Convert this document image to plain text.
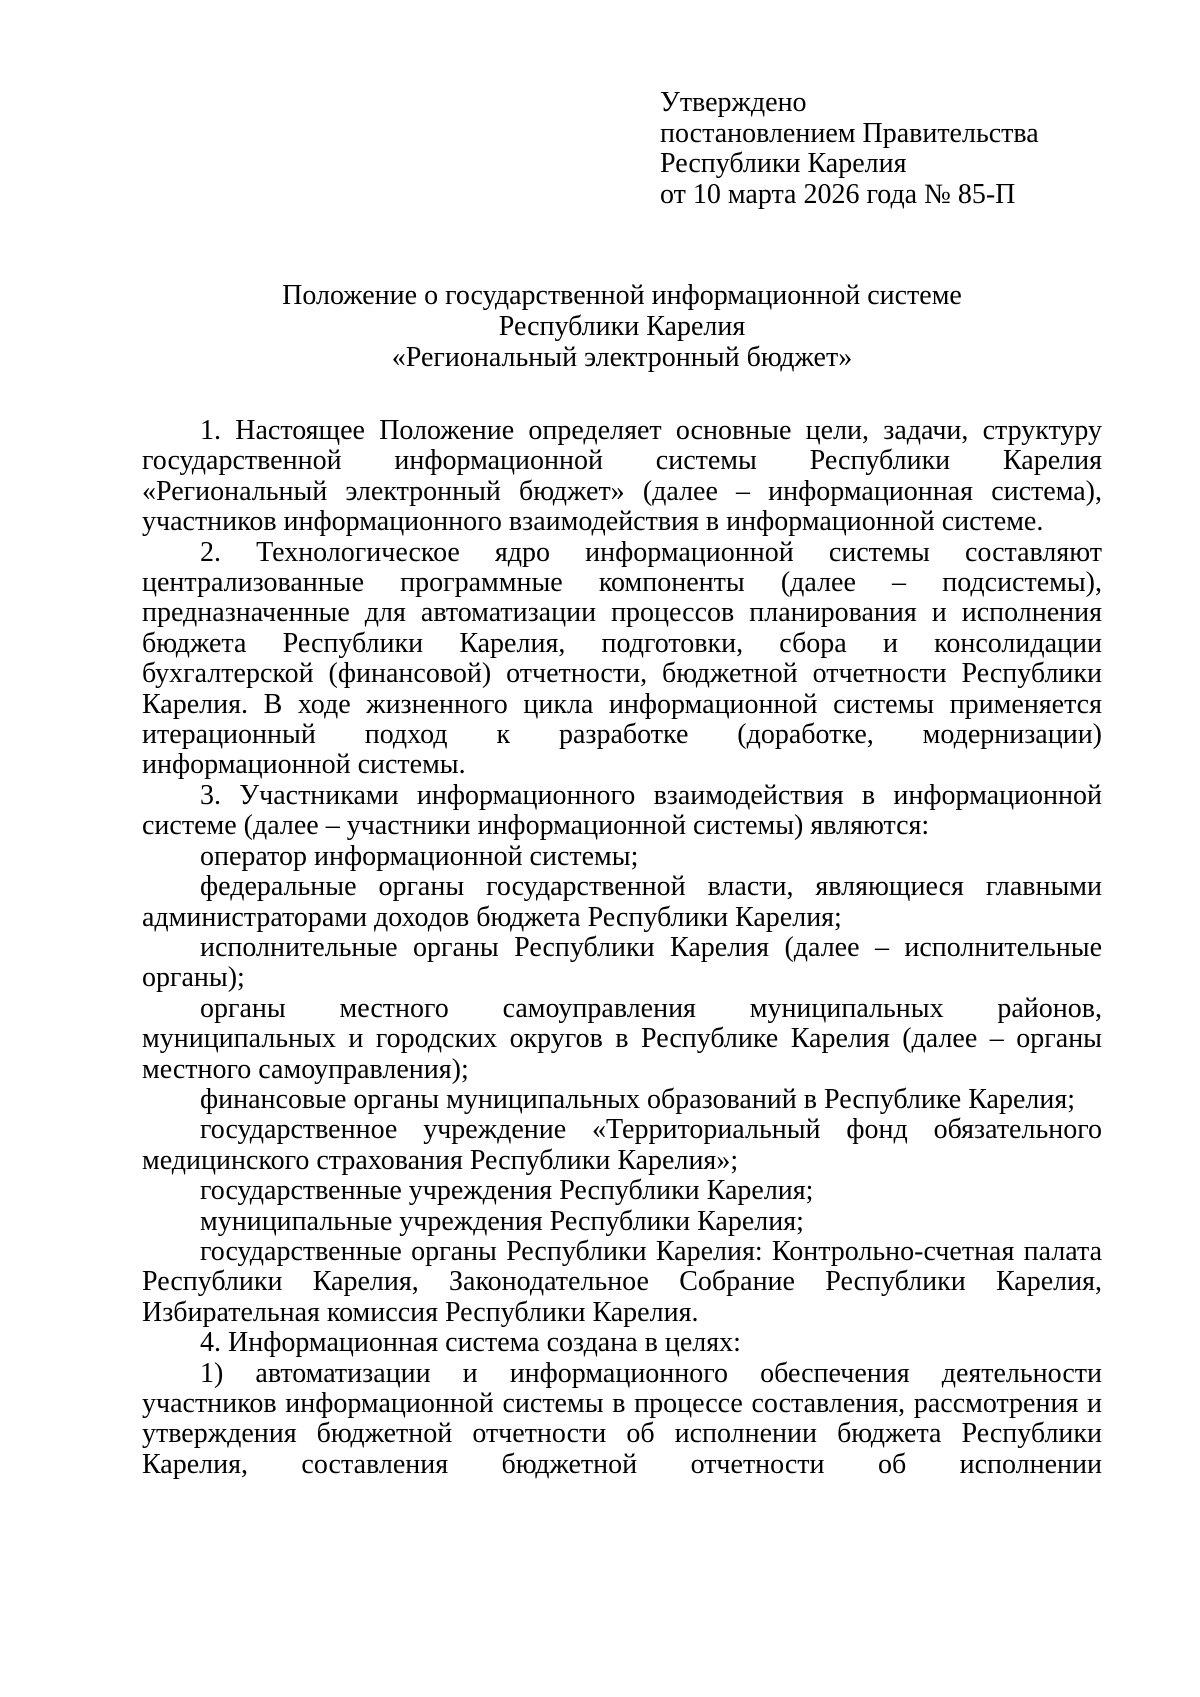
Утверждено
постановлением Правительства
Республики Карелия
от 10 марта 2026 года № 85-П
Положение о государственной информационной системе
Республики Карелия
«Региональный электронный бюджет»

1. Настоящее Положение определяет основные цели, задачи, структуру государственной информационной системы Республики Карелия «Региональный электронный бюджет» (далее – информационная система), участников информационного взаимодействия в информационной системе.

2. Технологическое ядро информационной системы составляют централизованные программные компоненты (далее – подсистемы), предназначенные для автоматизации процессов планирования и исполнения бюджета Республики Карелия, подготовки, сбора и консолидации бухгалтерской (финансовой) отчетности, бюджетной отчетности Республики Карелия. В ходе жизненного цикла информационной системы применяется итерационный подход к разработке (доработке, модернизации) информационной системы.

3. Участниками информационного взаимодействия в информационной системе (далее – участники информационной системы) являются:

оператор информационной системы;

федеральные органы государственной власти, являющиеся главными администраторами доходов бюджета Республики Карелия;

исполнительные органы Республики Карелия (далее – исполнительные органы);

органы местного самоуправления муниципальных районов, муниципальных и городских округов в Республике Карелия (далее – органы местного самоуправления);

финансовые органы муниципальных образований в Республике Карелия;

государственное учреждение «Территориальный фонд обязательного медицинского страхования Республики Карелия»;

государственные учреждения Республики Карелия;

муниципальные учреждения Республики Карелия;

государственные органы Республики Карелия: Контрольно-счетная палата Республики Карелия, Законодательное Собрание Республики Карелия, Избирательная комиссия Республики Карелия.

4. Информационная система создана в целях:

1) автоматизации и информационного обеспечения деятельности участников информационной системы в процессе составления, рассмотрения и утверждения бюджетной отчетности об исполнении бюджета Республики Карелия, составления бюджетной отчетности об исполнении
